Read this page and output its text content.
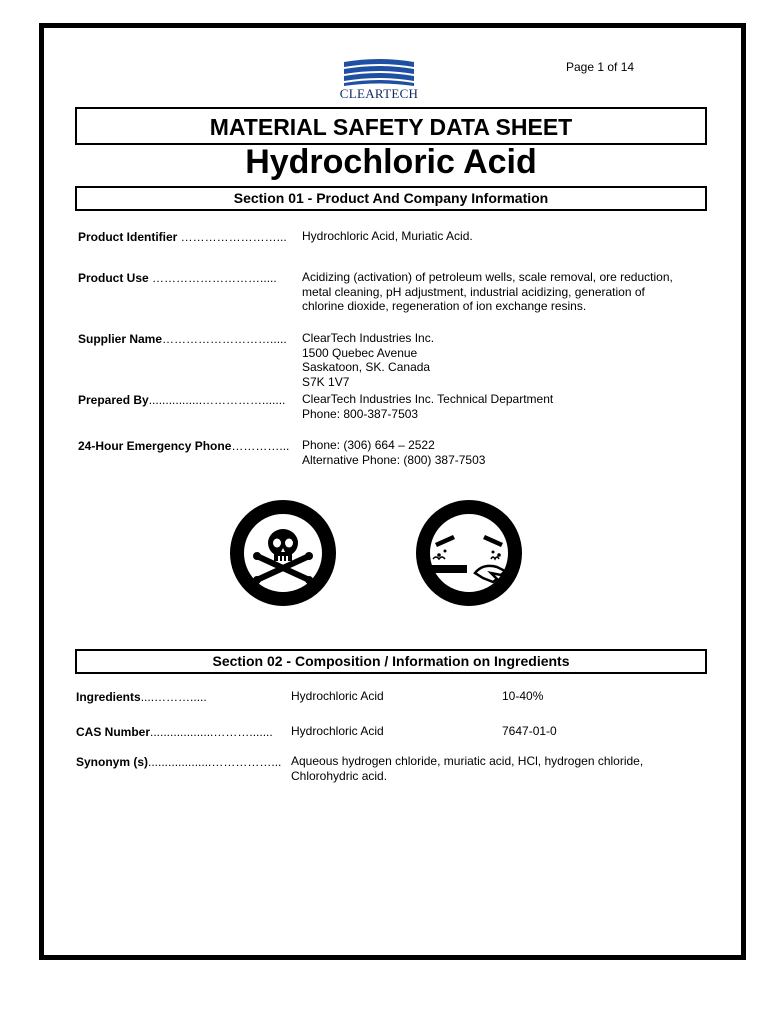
Page 1 of 14
CLEARTECH
MATERIAL SAFETY DATA SHEET
Hydrochloric Acid
Section 01 - Product And Company Information
Product Identifier ……………………... Hydrochloric Acid, Muriatic Acid.
Product Use ………………………..... Acidizing (activation) of petroleum wells, scale removal, ore reduction,
metal cleaning, pH adjustment, industrial acidizing, generation of
chlorine dioxide, regeneration of ion exchange resins.
Supplier Name………………………..... ClearTech Industries Inc.
1500 Quebec Avenue
Saskatoon, SK. Canada
S7K 1V7
Prepared By................……………....... ClearTech Industries Inc. Technical Department
Phone: 800-387-7503
24-Hour Emergency Phone…………... Phone: (306) 664 – 2522
Alternative Phone: (800) 387-7503
Section 02 - Composition / Information on Ingredients
Ingredients....……….....	Hydrochloric Acid	10-40%
CAS Number...................………....... Hydrochloric Acid	7647-01-0
Synonym (s)...................……………... Aqueous hydrogen chloride, muriatic acid, HCl, hydrogen chloride,
Chlorohydric acid.
